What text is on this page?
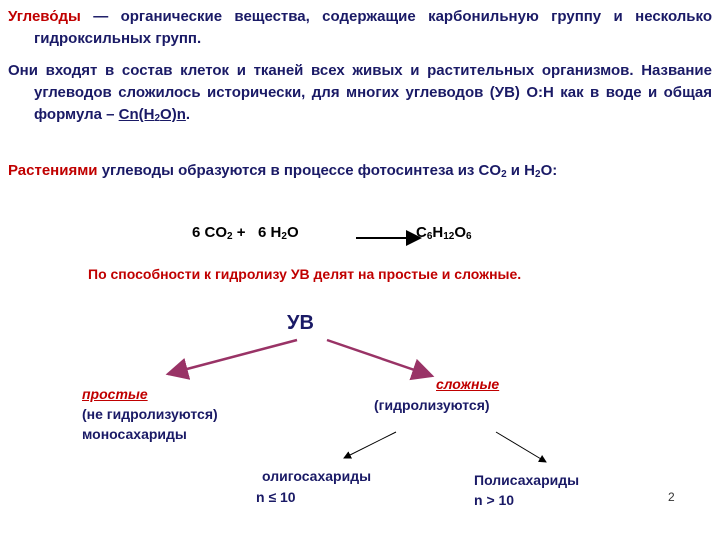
Углево́ды — органические вещества, содержащие карбонильную группу и несколько гидроксильных групп.
Они входят в состав клеток и тканей всех живых и растительных организмов. Название углеводов сложилось исторически, для многих углеводов (УВ) О:Н как в воде и общая формула – $Cn(H_2O)n$.
Растениями углеводы образуются в процессе фотосинтеза из $CO_2$ и $H_2O$:
6 $CO_2 + 6$ $H_2O$	$C_6H_{12}O_6$
По способности к гидролизу УВ делят на простые и сложные.
УВ
простые
(не гидролизуются)
моносахариды
сложные
(гидролизуются)
олигосахариды
n ≤ 10
Полисахариды
n > 10	2
